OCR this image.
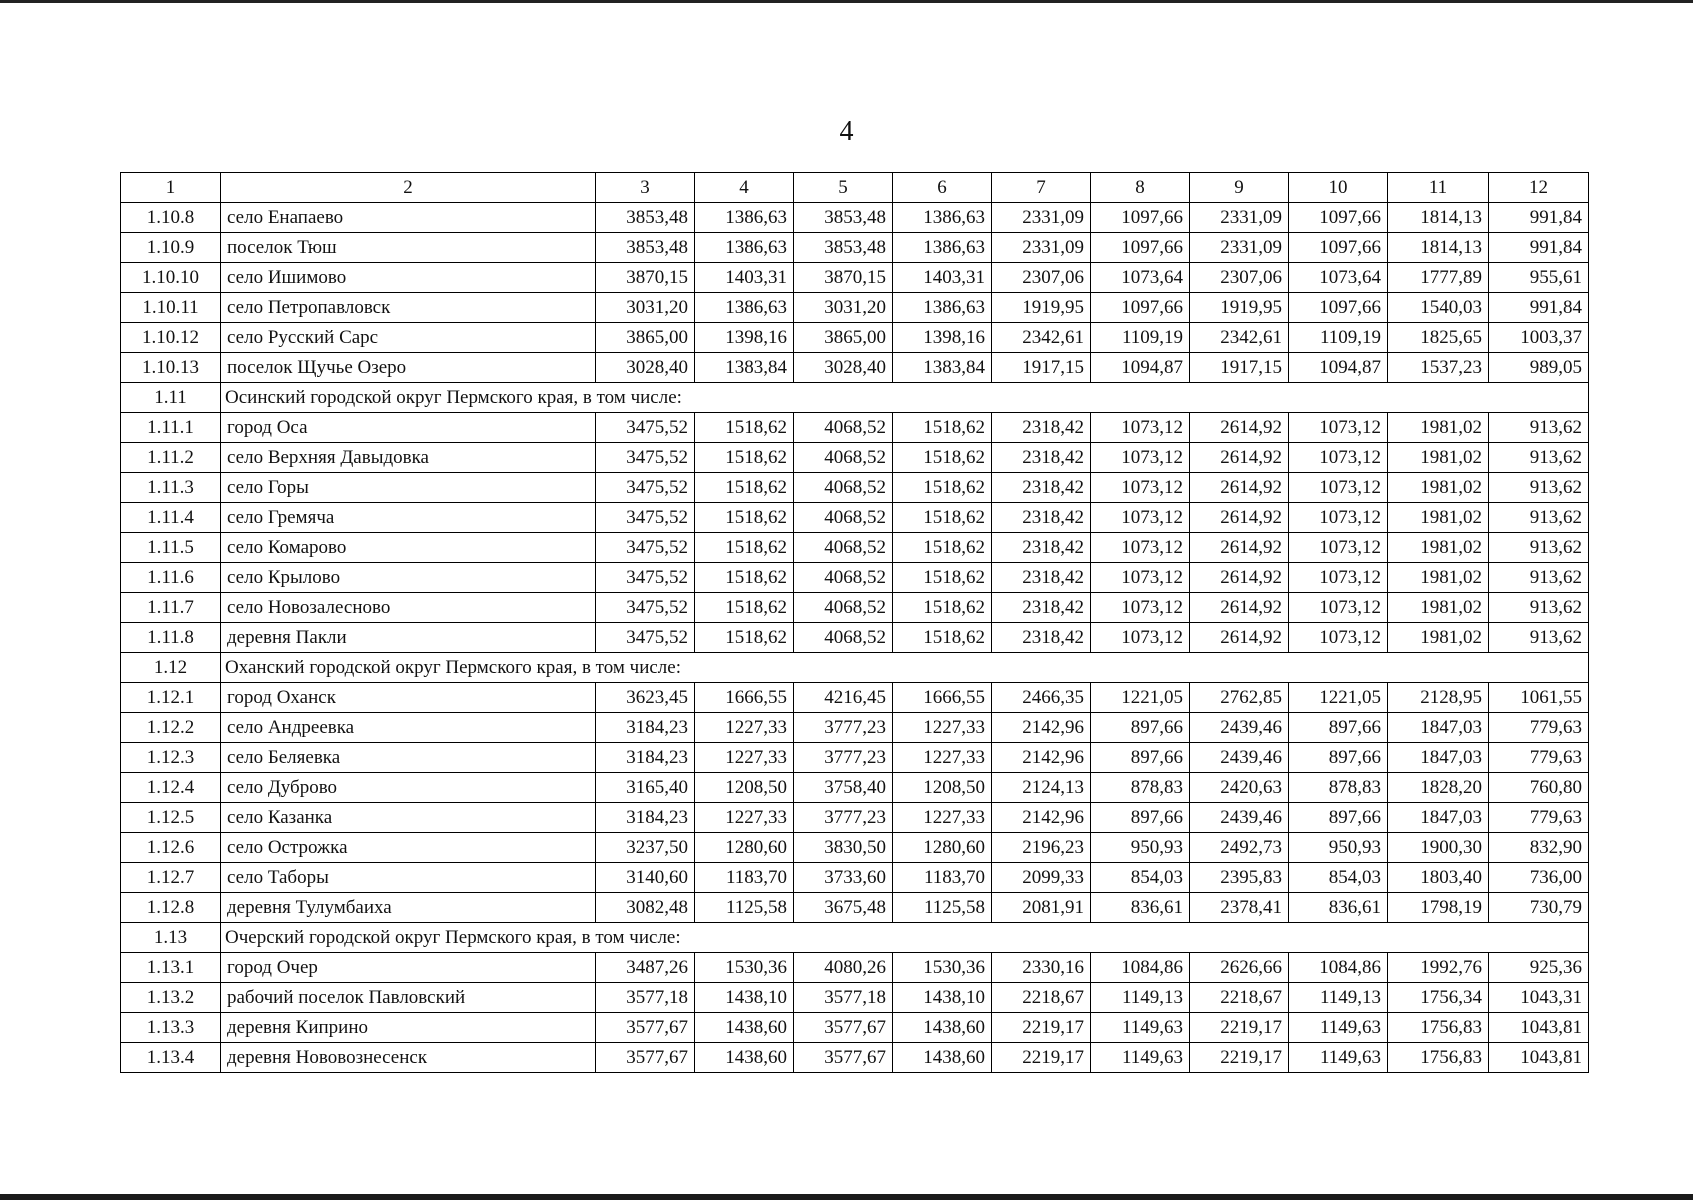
4
1	2	3	4	5	6	7	8	9	10	11	12
1.10.8	село Енапаево	3853,48	1386,63	3853,48	1386,63	2331,09	1097,66	2331,09	1097,66	1814,13	991,84
1.10.9	поселок Тюш	3853,48	1386,63	3853,48	1386,63	2331,09	1097,66	2331,09	1097,66	1814,13	991,84
1.10.10	село Ишимово	3870,15	1403,31	3870,15	1403,31	2307,06	1073,64	2307,06	1073,64	1777,89	955,61
1.10.11	село Петропавловск	3031,20	1386,63	3031,20	1386,63	1919,95	1097,66	1919,95	1097,66	1540,03	991,84
1.10.12	село Русский Сарс	3865,00	1398,16	3865,00	1398,16	2342,61	1109,19	2342,61	1109,19	1825,65	1003,37
1.10.13	поселок Щучье Озеро	3028,40	1383,84	3028,40	1383,84	1917,15	1094,87	1917,15	1094,87	1537,23	989,05
1.11	Осинский городской округ Пермского края, в том числе:										
1.11.1	город Оса	3475,52	1518,62	4068,52	1518,62	2318,42	1073,12	2614,92	1073,12	1981,02	913,62
1.11.2	село Верхняя Давыдовка	3475,52	1518,62	4068,52	1518,62	2318,42	1073,12	2614,92	1073,12	1981,02	913,62
1.11.3	село Горы	3475,52	1518,62	4068,52	1518,62	2318,42	1073,12	2614,92	1073,12	1981,02	913,62
1.11.4	село Гремяча	3475,52	1518,62	4068,52	1518,62	2318,42	1073,12	2614,92	1073,12	1981,02	913,62
1.11.5	село Комарово	3475,52	1518,62	4068,52	1518,62	2318,42	1073,12	2614,92	1073,12	1981,02	913,62
1.11.6	село Крылово	3475,52	1518,62	4068,52	1518,62	2318,42	1073,12	2614,92	1073,12	1981,02	913,62
1.11.7	село Новозалесново	3475,52	1518,62	4068,52	1518,62	2318,42	1073,12	2614,92	1073,12	1981,02	913,62
1.11.8	деревня Пакли	3475,52	1518,62	4068,52	1518,62	2318,42	1073,12	2614,92	1073,12	1981,02	913,62
1.12	Оханский городской округ Пермского края, в том числе:										
1.12.1	город Оханск	3623,45	1666,55	4216,45	1666,55	2466,35	1221,05	2762,85	1221,05	2128,95	1061,55
1.12.2	село Андреевка	3184,23	1227,33	3777,23	1227,33	2142,96	897,66	2439,46	897,66	1847,03	779,63
1.12.3	село Беляевка	3184,23	1227,33	3777,23	1227,33	2142,96	897,66	2439,46	897,66	1847,03	779,63
1.12.4	село Дуброво	3165,40	1208,50	3758,40	1208,50	2124,13	878,83	2420,63	878,83	1828,20	760,80
1.12.5	село Казанка	3184,23	1227,33	3777,23	1227,33	2142,96	897,66	2439,46	897,66	1847,03	779,63
1.12.6	село Острожка	3237,50	1280,60	3830,50	1280,60	2196,23	950,93	2492,73	950,93	1900,30	832,90
1.12.7	село Таборы	3140,60	1183,70	3733,60	1183,70	2099,33	854,03	2395,83	854,03	1803,40	736,00
1.12.8	деревня Тулумбаиха	3082,48	1125,58	3675,48	1125,58	2081,91	836,61	2378,41	836,61	1798,19	730,79
1.13	Очерский городской округ Пермского края, в том числе:										
1.13.1	город Очер	3487,26	1530,36	4080,26	1530,36	2330,16	1084,86	2626,66	1084,86	1992,76	925,36
1.13.2	рабочий поселок Павловский	3577,18	1438,10	3577,18	1438,10	2218,67	1149,13	2218,67	1149,13	1756,34	1043,31
1.13.3	деревня Киприно	3577,67	1438,60	3577,67	1438,60	2219,17	1149,63	2219,17	1149,63	1756,83	1043,81
1.13.4	деревня Нововознесенск	3577,67	1438,60	3577,67	1438,60	2219,17	1149,63	2219,17	1149,63	1756,83	1043,81
